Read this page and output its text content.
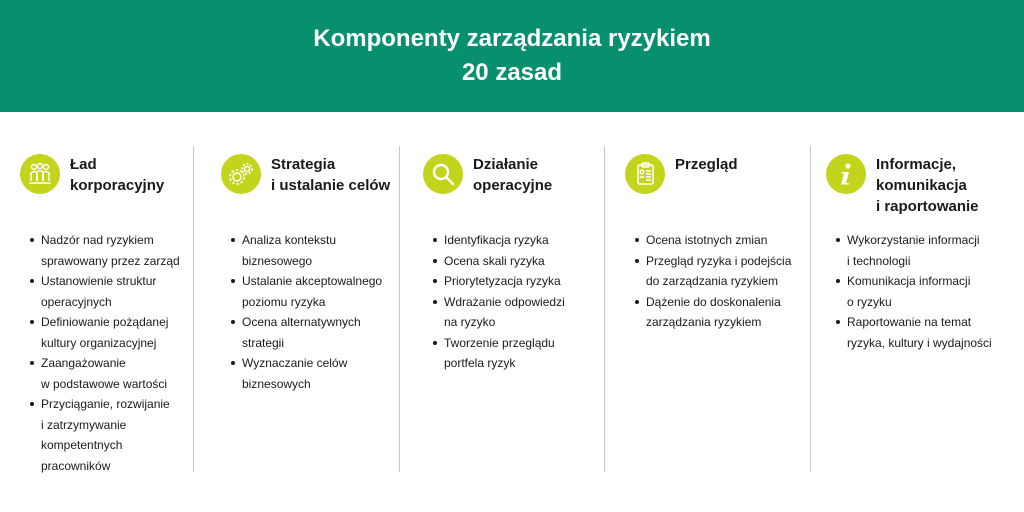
Komponenty zarządzania ryzykiem
20 zasad
Ład
korporacyjny
Nadzór nad ryzykiem
sprawowany przez zarząd
Ustanowienie struktur
operacyjnych
Definiowanie pożądanej
kultury organizacyjnej
Zaangażowanie
w podstawowe wartości
Przyciąganie, rozwijanie
i zatrzymywanie
kompetentnych
pracowników
Strategia
i ustalanie celów
Analiza kontekstu
biznesowego
Ustalanie akceptowalnego
poziomu ryzyka
Ocena alternatywnych
strategii
Wyznaczanie celów
biznesowych
Działanie
operacyjne
Identyfikacja ryzyka
Ocena skali ryzyka
Priorytetyzacja ryzyka
Wdrażanie odpowiedzi
na ryzyko
Tworzenie przeglądu
portfela ryzyk
Przegląd
Ocena istotnych zmian
Przegląd ryzyka i podejścia
do zarządzania ryzykiem
Dążenie do doskonalenia
zarządzania ryzykiem
Informacje,
komunikacja
i raportowanie
Wykorzystanie informacji
i technologii
Komunikacja informacji
o ryzyku
Raportowanie na temat
ryzyka, kultury i wydajności
